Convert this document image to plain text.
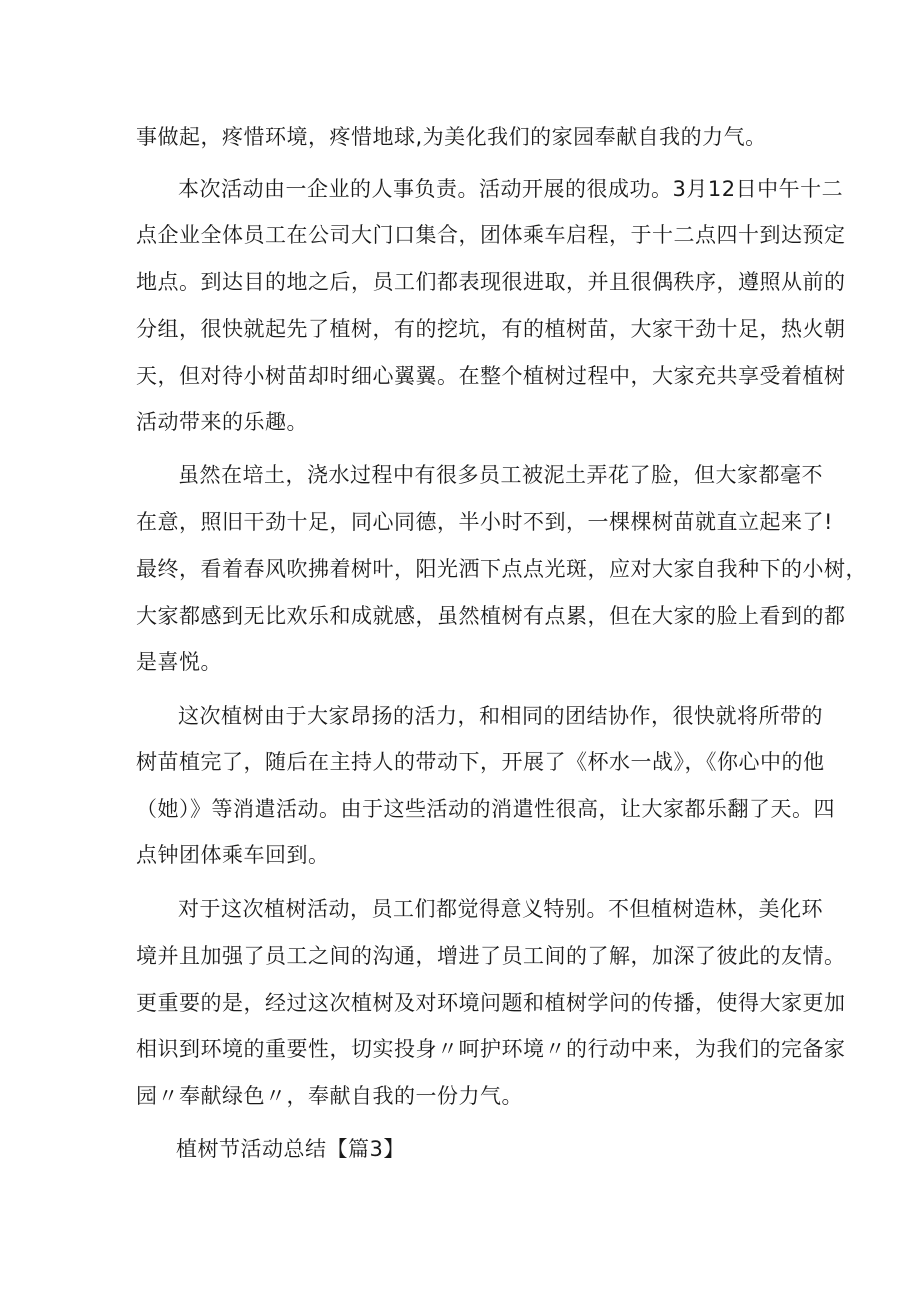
事做起，疼惜环境，疼惜地球,为美化我们的家园奉献自我的力气。
本次活动由一企业的人事负责。活动开展的很成功。3月12日中午十二
点企业全体员工在公司大门口集合，团体乘车启程，于十二点四十到达预定
地点。到达目的地之后，员工们都表现很进取，并且很偶秩序，遵照从前的
分组，很快就起先了植树，有的挖坑，有的植树苗，大家干劲十足，热火朝
天，但对待小树苗却时细心翼翼。在整个植树过程中，大家充共享受着植树
活动带来的乐趣。
虽然在培土，浇水过程中有很多员工被泥土弄花了脸，但大家都毫不
在意，照旧干劲十足，同心同德，半小时不到，一棵棵树苗就直立起来了!
最终，看着春风吹拂着树叶，阳光洒下点点光斑，应对大家自我种下的小树，
大家都感到无比欢乐和成就感，虽然植树有点累，但在大家的脸上看到的都
是喜悦。
这次植树由于大家昂扬的活力，和相同的团结协作，很快就将所带的
树苗植完了，随后在主持人的带动下，开展了《杯水一战》，《你心中的他
（她）》等消遣活动。由于这些活动的消遣性很高，让大家都乐翻了天。四
点钟团体乘车回到。
对于这次植树活动，员工们都觉得意义特别。不但植树造林，美化环
境并且加强了员工之间的沟通，增进了员工间的了解，加深了彼此的友情。
更重要的是，经过这次植树及对环境问题和植树学问的传播，使得大家更加
相识到环境的重要性，切实投身〃呵护环境〃的行动中来，为我们的完备家
园〃奉献绿色〃，奉献自我的一份力气。
植树节活动总结【篇3】
